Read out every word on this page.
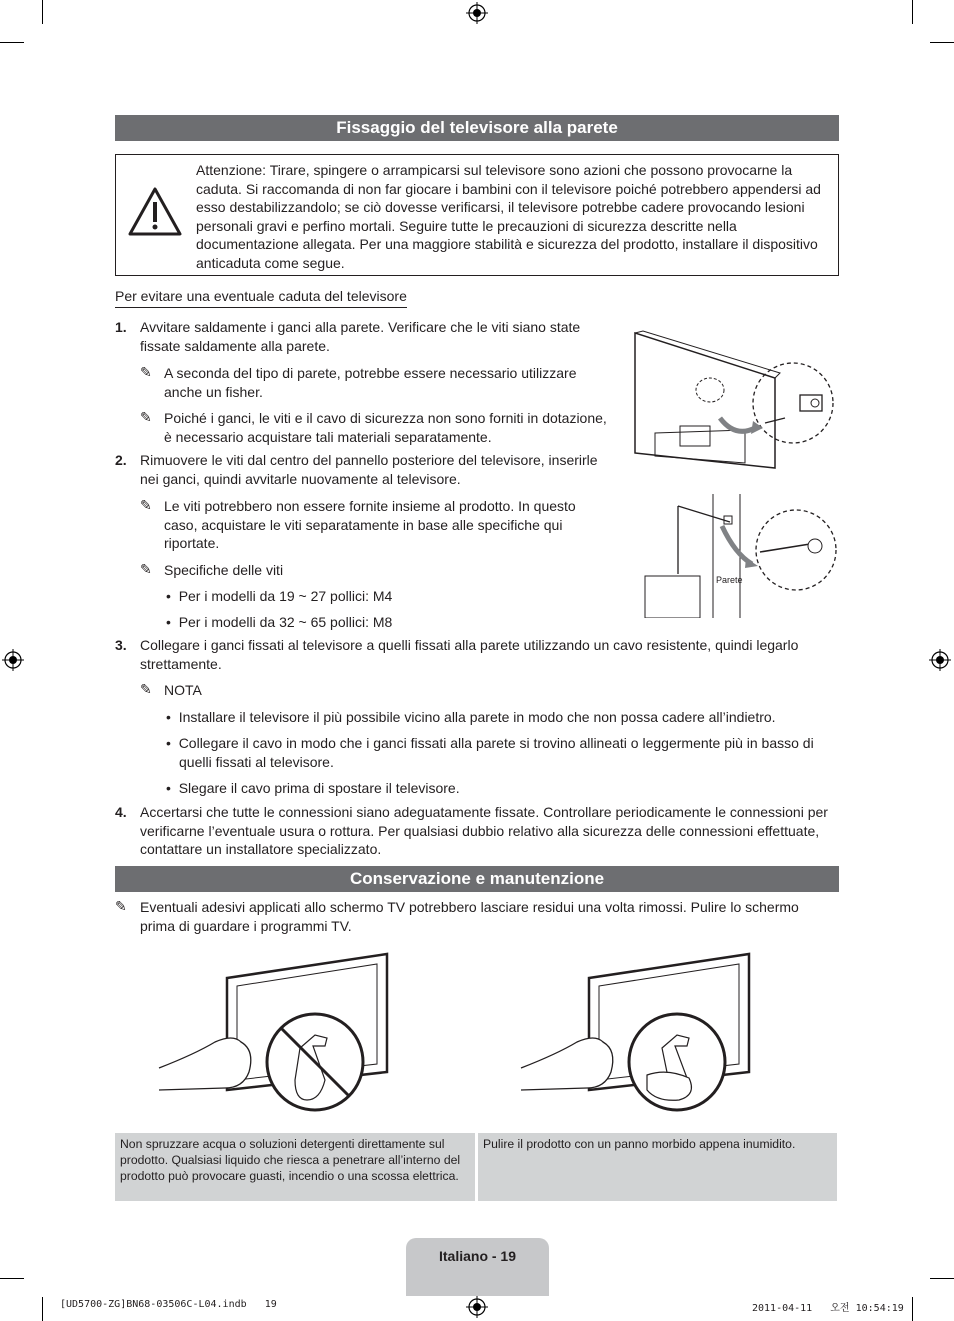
Fissaggio del televisore alla parete
Attenzione: Tirare, spingere o arrampicarsi sul televisore sono azioni che possono provocarne la caduta. Si raccomanda di non far giocare i bambini con il televisore poiché potrebbero appendersi ad esso destabilizzandolo; se ciò dovesse verificarsi, il televisore potrebbe cadere provocando lesioni personali gravi e perfino mortali. Seguire tutte le precauzioni di sicurezza descritte nella documentazione allegata. Per una maggiore stabilità e sicurezza del prodotto, installare il dispositivo anticaduta come segue.
Per evitare una eventuale caduta del televisore
1. Avvitare saldamente i ganci alla parete. Verificare che le viti siano state fissate saldamente alla parete.
✎ A seconda del tipo di parete, potrebbe essere necessario utilizzare anche un fisher.
✎ Poiché i ganci, le viti e il cavo di sicurezza non sono forniti in dotazione, è necessario acquistare tali materiali separatamente.
2. Rimuovere le viti dal centro del pannello posteriore del televisore, inserirle nei ganci, quindi avvitarle nuovamente al televisore.
✎ Le viti potrebbero non essere fornite insieme al prodotto. In questo caso, acquistare le viti separatamente in base alle specifiche qui riportate.
✎ Specifiche delle viti
•  Per i modelli da 19 ~ 27 pollici: M4
•  Per i modelli da 32 ~ 65 pollici: M8
3. Collegare i ganci fissati al televisore a quelli fissati alla parete utilizzando un cavo resistente, quindi legarlo strettamente.
✎ NOTA
•  Installare il televisore il più possibile vicino alla parete in modo che non possa cadere all’indietro.
•  Collegare il cavo in modo che i ganci fissati alla parete si trovino allineati o leggermente più in basso di quelli fissati al televisore.
•  Slegare il cavo prima di spostare il televisore.
4. Accertarsi che tutte le connessioni siano adeguatamente fissate. Controllare periodicamente le connessioni per verificarne l’eventuale usura o rottura. Per qualsiasi dubbio relativo alla sicurezza delle connessioni effettuate, contattare un installatore specializzato.
Parete
Conservazione e manutenzione
✎ Eventuali adesivi applicati allo schermo TV potrebbero lasciare residui una volta rimossi. Pulire lo schermo prima di guardare i programmi TV.
Non spruzzare acqua o soluzioni detergenti direttamente sul prodotto. Qualsiasi liquido che riesca a penetrare all’interno del prodotto può provocare guasti, incendio o una scossa elettrica.
Pulire il prodotto con un panno morbido appena inumidito.
Italiano - 19
[UD5700-ZG]BN68-03506C-L04.indb   19	2011-04-11   오전 10:54:19
